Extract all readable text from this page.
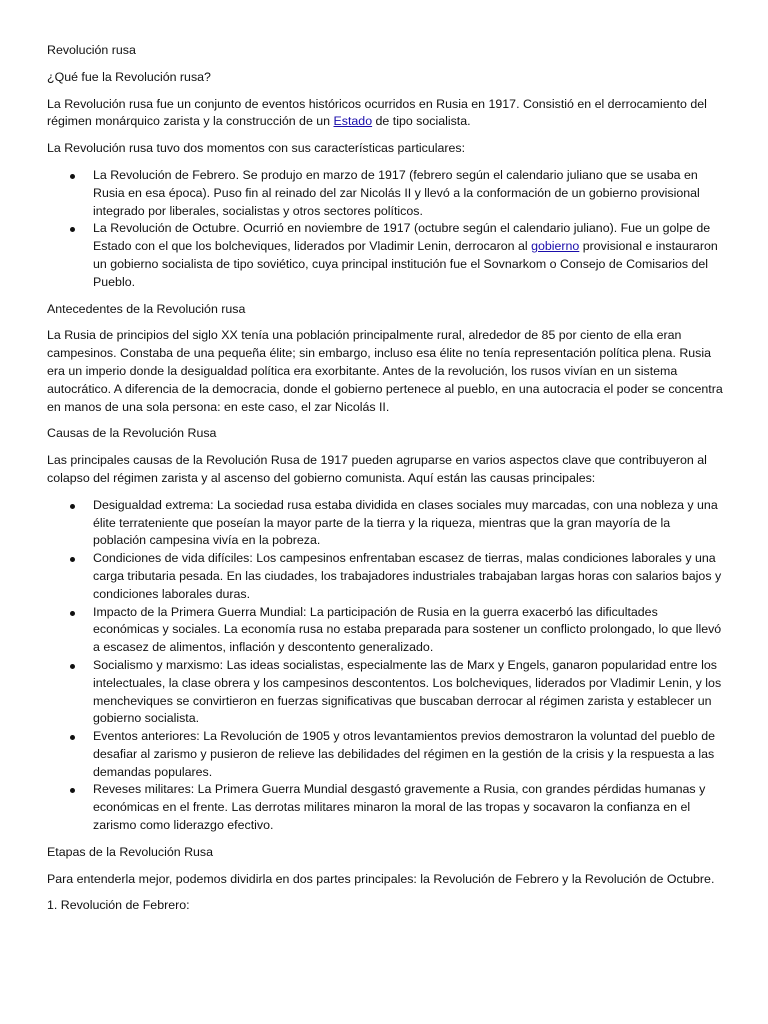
Revolución rusa

¿Qué fue la Revolución rusa?

La Revolución rusa fue un conjunto de eventos históricos ocurridos en Rusia en 1917. Consistió en el derrocamiento del régimen monárquico zarista y la construcción de un Estado de tipo socialista.

La Revolución rusa tuvo dos momentos con sus características particulares:

La Revolución de Febrero. Se produjo en marzo de 1917 (febrero según el calendario juliano que se usaba en Rusia en esa época). Puso fin al reinado del zar Nicolás II y llevó a la conformación de un gobierno provisional integrado por liberales, socialistas y otros sectores políticos.
La Revolución de Octubre. Ocurrió en noviembre de 1917 (octubre según el calendario juliano). Fue un golpe de Estado con el que los bolcheviques, liderados por Vladimir Lenin, derrocaron al gobierno provisional e instauraron un gobierno socialista de tipo soviético, cuya principal institución fue el Sovnarkom o Consejo de Comisarios del Pueblo.

Antecedentes de la Revolución rusa

La Rusia de principios del siglo XX tenía una población principalmente rural, alrededor de 85 por ciento de ella eran campesinos. Constaba de una pequeña élite; sin embargo, incluso esa élite no tenía representación política plena. Rusia era un imperio donde la desigualdad política era exorbitante. Antes de la revolución, los rusos vivían en un sistema autocrático. A diferencia de la democracia, donde el gobierno pertenece al pueblo, en una autocracia el poder se concentra en manos de una sola persona: en este caso, el zar Nicolás II.

Causas de la Revolución Rusa

Las principales causas de la Revolución Rusa de 1917 pueden agruparse en varios aspectos clave que contribuyeron al colapso del régimen zarista y al ascenso del gobierno comunista. Aquí están las causas principales:

Desigualdad extrema: La sociedad rusa estaba dividida en clases sociales muy marcadas, con una nobleza y una élite terrateniente que poseían la mayor parte de la tierra y la riqueza, mientras que la gran mayoría de la población campesina vivía en la pobreza.
Condiciones de vida difíciles: Los campesinos enfrentaban escasez de tierras, malas condiciones laborales y una carga tributaria pesada. En las ciudades, los trabajadores industriales trabajaban largas horas con salarios bajos y condiciones laborales duras.
Impacto de la Primera Guerra Mundial: La participación de Rusia en la guerra exacerbó las dificultades económicas y sociales. La economía rusa no estaba preparada para sostener un conflicto prolongado, lo que llevó a escasez de alimentos, inflación y descontento generalizado.
Socialismo y marxismo: Las ideas socialistas, especialmente las de Marx y Engels, ganaron popularidad entre los intelectuales, la clase obrera y los campesinos descontentos. Los bolcheviques, liderados por Vladimir Lenin, y los mencheviques se convirtieron en fuerzas significativas que buscaban derrocar al régimen zarista y establecer un gobierno socialista.
Eventos anteriores: La Revolución de 1905 y otros levantamientos previos demostraron la voluntad del pueblo de desafiar al zarismo y pusieron de relieve las debilidades del régimen en la gestión de la crisis y la respuesta a las demandas populares.
Reveses militares: La Primera Guerra Mundial desgastó gravemente a Rusia, con grandes pérdidas humanas y económicas en el frente. Las derrotas militares minaron la moral de las tropas y socavaron la confianza en el zarismo como liderazgo efectivo.

Etapas de la Revolución Rusa

Para entenderla mejor, podemos dividirla en dos partes principales: la Revolución de Febrero y la Revolución de Octubre.

1. Revolución de Febrero:
